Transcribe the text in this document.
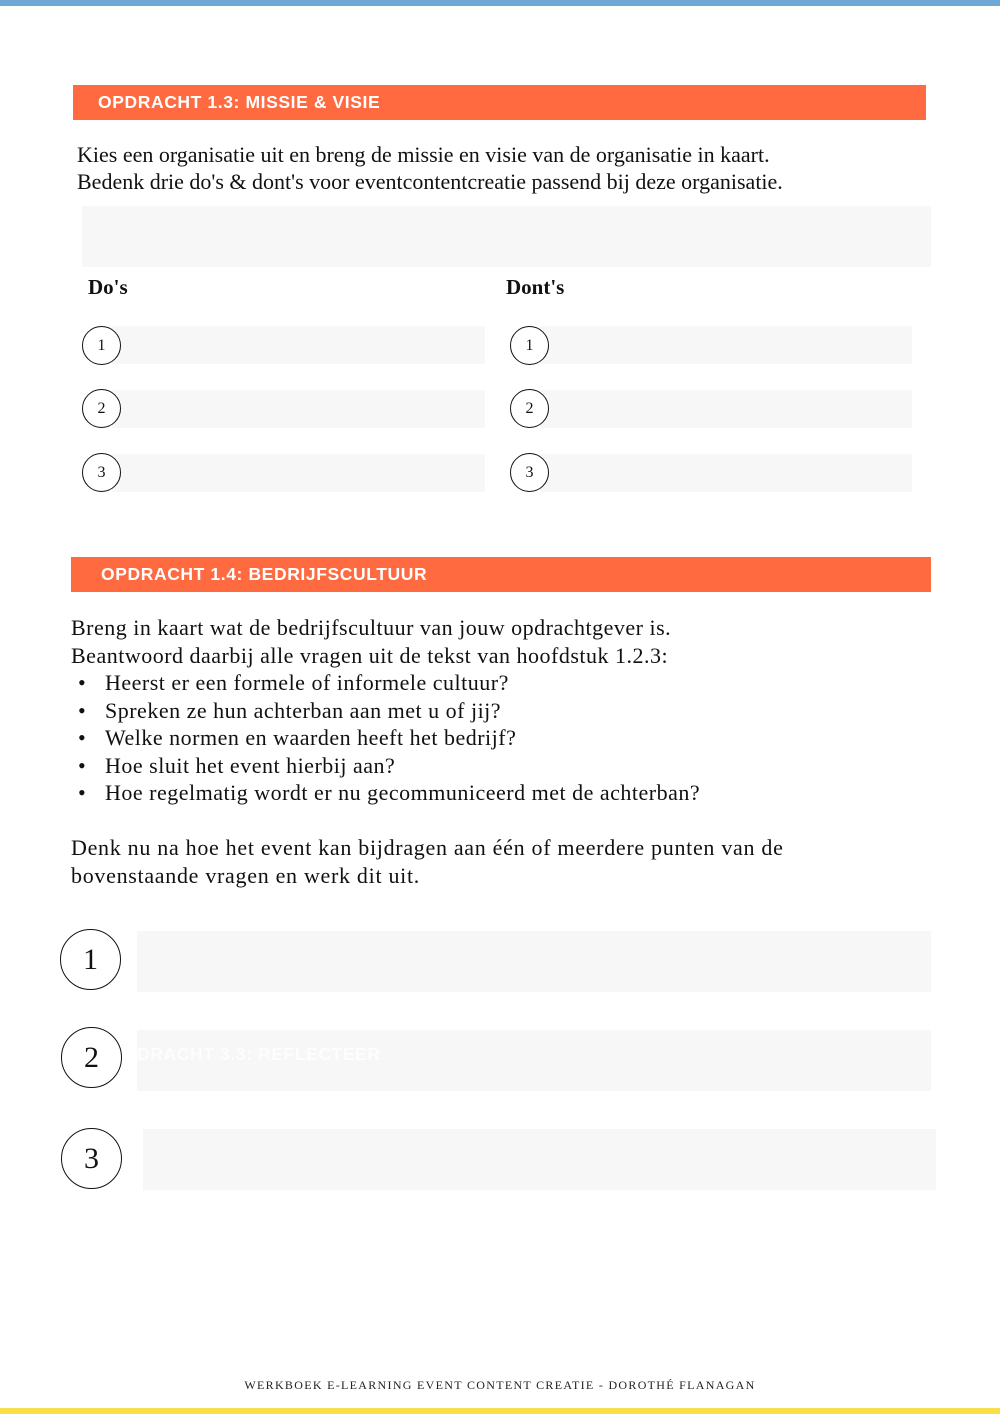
OPDRACHT 1.3: MISSIE & VISIE
Kies een organisatie uit en breng de missie en visie van de organisatie in kaart.
Bedenk drie do's & dont's voor eventcontentcreatie passend bij deze organisatie.
Do's	Dont's
1
2
3
1
2
3
OPDRACHT 1.4: BEDRIJFSCULTUUR
Breng in kaart wat de bedrijfscultuur van jouw opdrachtgever is.
Beantwoord daarbij alle vragen uit de tekst van hoofdstuk 1.2.3:
• Heerst er een formele of informele cultuur?
• Spreken ze hun achterban aan met u of jij?
• Welke normen en waarden heeft het bedrijf?
• Hoe sluit het event hierbij aan?
• Hoe regelmatig wordt er nu gecommuniceerd met de achterban?
Denk nu na hoe het event kan bijdragen aan één of meerdere punten van de
bovenstaande vragen en werk dit uit.
1
DRACHT 3.3: REFLECTEER
2
3
WERKBOEK E-LEARNING EVENT CONTENT CREATIE - DOROTHÉ FLANAGAN
